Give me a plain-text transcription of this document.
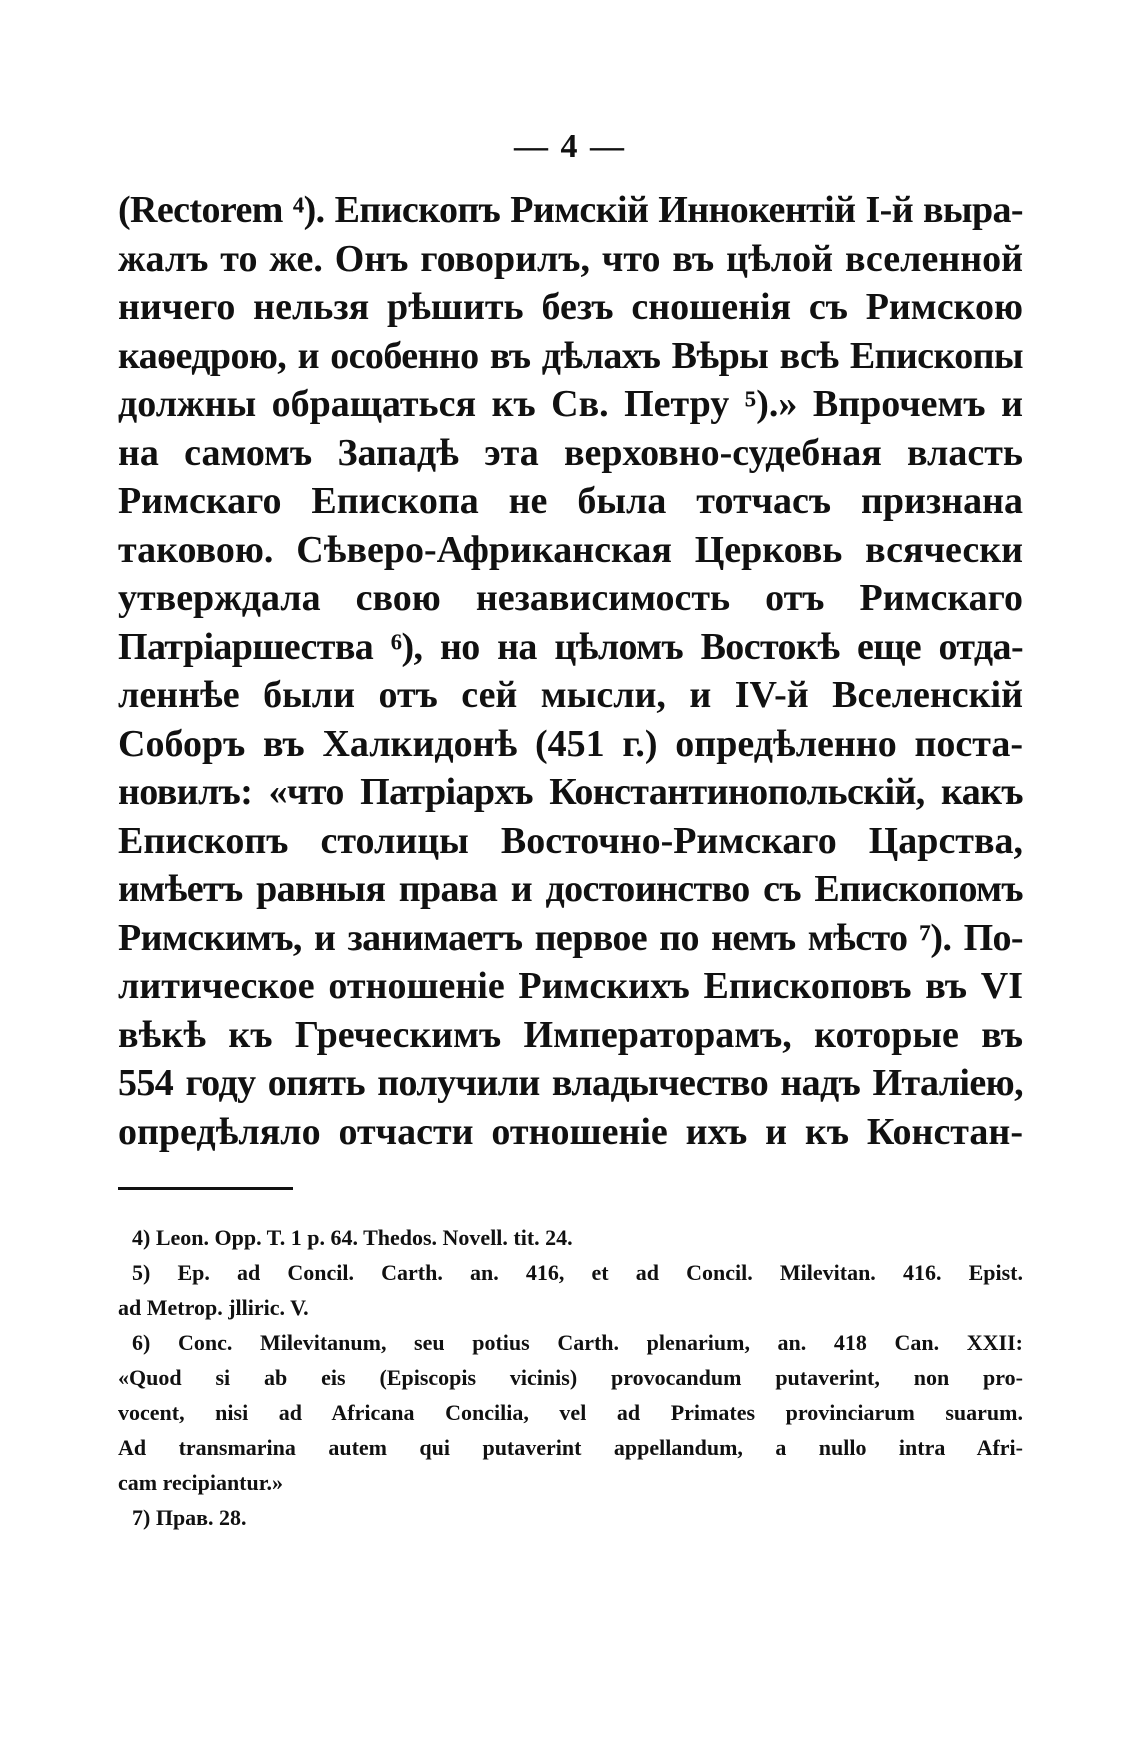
— 4 —
(Rectorem ⁴). Епископъ Римскій Иннокентій I-й выра-
жалъ то же. Онъ говорилъ, что въ цѣлой вселенной
ничего нельзя рѣшить безъ сношенія съ Римскою
каѳедрою, и особенно въ дѣлахъ Вѣры всѣ Епископы
должны обращаться къ Св. Петру ⁵).» Впрочемъ и
на самомъ Западѣ эта верховно-судебная власть
Римскаго Епископа не была тотчасъ признана
таковою. Сѣверо-Африканская Церковь всячески
утверждала свою независимость отъ Римскаго
Патріаршества ⁶), но на цѣломъ Востокѣ еще отда-
леннѣе были отъ сей мысли, и IV-й Вселенскій
Соборъ въ Халкидонѣ (451 г.) опредѣленно поста-
новилъ: «что Патріархъ Константинопольскій, какъ
Епископъ столицы Восточно-Римскаго Царства,
имѣетъ равныя права и достоинство съ Епископомъ
Римскимъ, и занимаетъ первое по немъ мѣсто ⁷). По-
литическое отношеніе Римскихъ Епископовъ въ VI
вѣкѣ къ Греческимъ Императорамъ, которые въ
554 году опять получили владычество надъ Италіею,
опредѣляло отчасти отношеніе ихъ и къ Констан-
4) Leon. Opp. T. 1 p. 64. Thedos. Novell. tit. 24.
5) Ep. ad Concil. Carth. an. 416, et ad Concil. Milevitan. 416. Epist.
ad Metrop. jlliric. V.
6) Conc. Milevitanum, seu potius Carth. plenarium, an. 418 Can. XXII:
«Quod si ab eis (Episcopis vicinis) provocandum putaverint, non pro-
vocent, nisi ad Africana Concilia, vel ad Primates provinciarum suarum.
Ad transmarina autem qui putaverint appellandum, a nullo intra Afri-
cam recipiantur.»
7) Прав. 28.
